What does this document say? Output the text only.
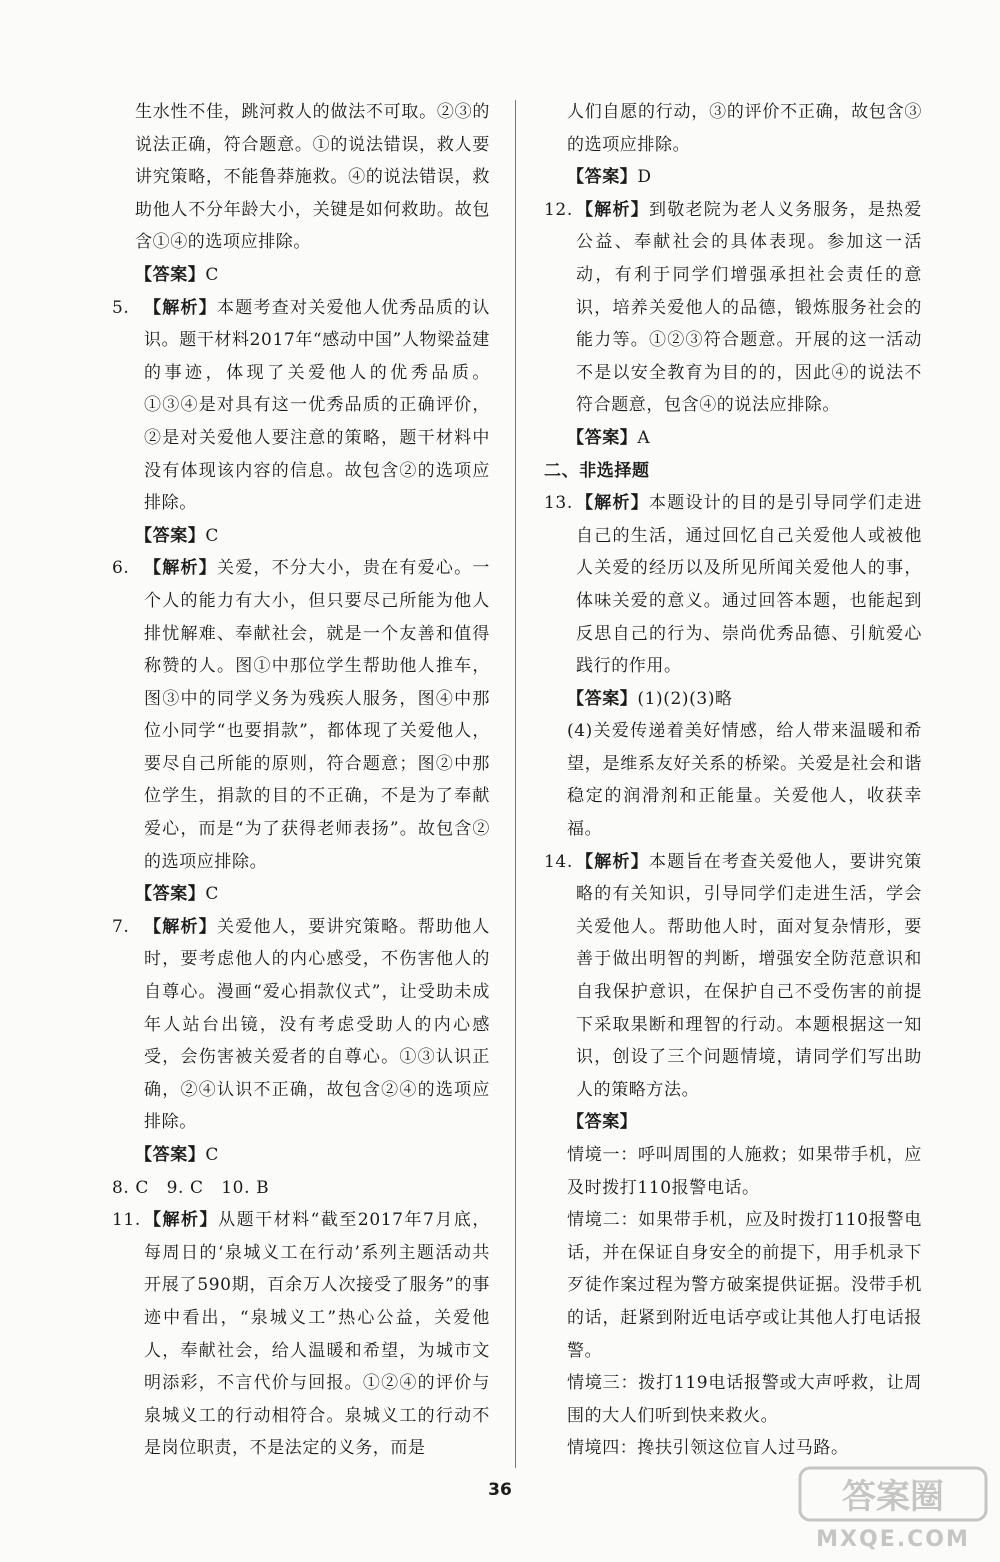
生水性不佳，跳河救人的做法不可取。②③的说法正确，符合题意。①的说法错误，救人要讲究策略，不能鲁莽施救。④的说法错误，救助他人不分年龄大小，关键是如何救助。故包含①④的选项应排除。
【答案】C
5. 【解析】本题考查对关爱他人优秀品质的认识。题干材料2017年“感动中国”人物梁益建的事迹，体现了关爱他人的优秀品质。①③④是对具有这一优秀品质的正确评价，②是对关爱他人要注意的策略，题干材料中没有体现该内容的信息。故包含②的选项应排除。
【答案】C
6. 【解析】关爱，不分大小，贵在有爱心。一个人的能力有大小，但只要尽己所能为他人排忧解难、奉献社会，就是一个友善和值得称赞的人。图①中那位学生帮助他人推车，图③中的同学义务为残疾人服务，图④中那位小同学“也要捐款”，都体现了关爱他人，要尽自己所能的原则，符合题意；图②中那位学生，捐款的目的不正确，不是为了奉献爱心，而是“为了获得老师表扬”。故包含②的选项应排除。
【答案】C
7. 【解析】关爱他人，要讲究策略。帮助他人时，要考虑他人的内心感受，不伤害他人的自尊心。漫画“爱心捐款仪式”，让受助未成年人站台出镜，没有考虑受助人的内心感受，会伤害被关爱者的自尊心。①③认识正确，②④认识不正确，故包含②④的选项应排除。
【答案】C
8. C　9. C　10. B
11. 【解析】从题干材料“截至2017年7月底，每周日的‘泉城义工在行动’系列主题活动共开展了590期，百余万人次接受了服务”的事迹中看出，“泉城义工”热心公益，关爱他人，奉献社会，给人温暖和希望，为城市文明添彩，不言代价与回报。①②④的评价与泉城义工的行动相符合。泉城义工的行动不是岗位职责，不是法定的义务，而是
人们自愿的行动，③的评价不正确，故包含③的选项应排除。
【答案】D
12. 【解析】到敬老院为老人义务服务，是热爱公益、奉献社会的具体表现。参加这一活动，有利于同学们增强承担社会责任的意识，培养关爱他人的品德，锻炼服务社会的能力等。①②③符合题意。开展的这一活动不是以安全教育为目的的，因此④的说法不符合题意，包含④的说法应排除。
【答案】A
二、非选择题
13. 【解析】本题设计的目的是引导同学们走进自己的生活，通过回忆自己关爱他人或被他人关爱的经历以及所见所闻关爱他人的事，体味关爱的意义。通过回答本题，也能起到反思自己的行为、崇尚优秀品德、引航爱心践行的作用。
【答案】(1)(2)(3)略
(4)关爱传递着美好情感，给人带来温暖和希望，是维系友好关系的桥梁。关爱是社会和谐稳定的润滑剂和正能量。关爱他人，收获幸福。
14. 【解析】本题旨在考查关爱他人，要讲究策略的有关知识，引导同学们走进生活，学会关爱他人。帮助他人时，面对复杂情形，要善于做出明智的判断，增强安全防范意识和自我保护意识，在保护自己不受伤害的前提下采取果断和理智的行动。本题根据这一知识，创设了三个问题情境，请同学们写出助人的策略方法。
【答案】
情境一：呼叫周围的人施救；如果带手机，应及时拨打110报警电话。
情境二：如果带手机，应及时拨打110报警电话，并在保证自身安全的前提下，用手机录下歹徒作案过程为警方破案提供证据。没带手机的话，赶紧到附近电话亭或让其他人打电话报警。
情境三：拨打119电话报警或大声呼救，让周围的大人们听到快来救火。
情境四：搀扶引领这位盲人过马路。
36	答案圈
MXQE.COM
